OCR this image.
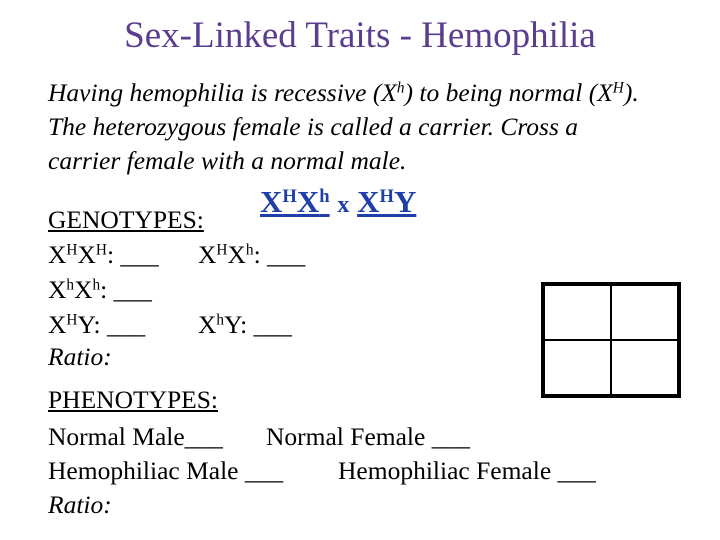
Sex-Linked Traits - Hemophilia
Having hemophilia is recessive $(X^h)$ to being normal $(X^H)$.
The heterozygous female is called a carrier. Cross a
carrier female with a normal male.
$X^HX^h$ x $X^HY$
GENOTYPES:
$X^HX^H$: ___ $X^HX^h$: ___
$X^hX^h$: ___
$X^HY$: ___ $X^hY$: ___
Ratio:
PHENOTYPES:
Normal Male___ Normal Female ___
Hemophiliac Male ___ Hemophiliac Female ___
Ratio:
